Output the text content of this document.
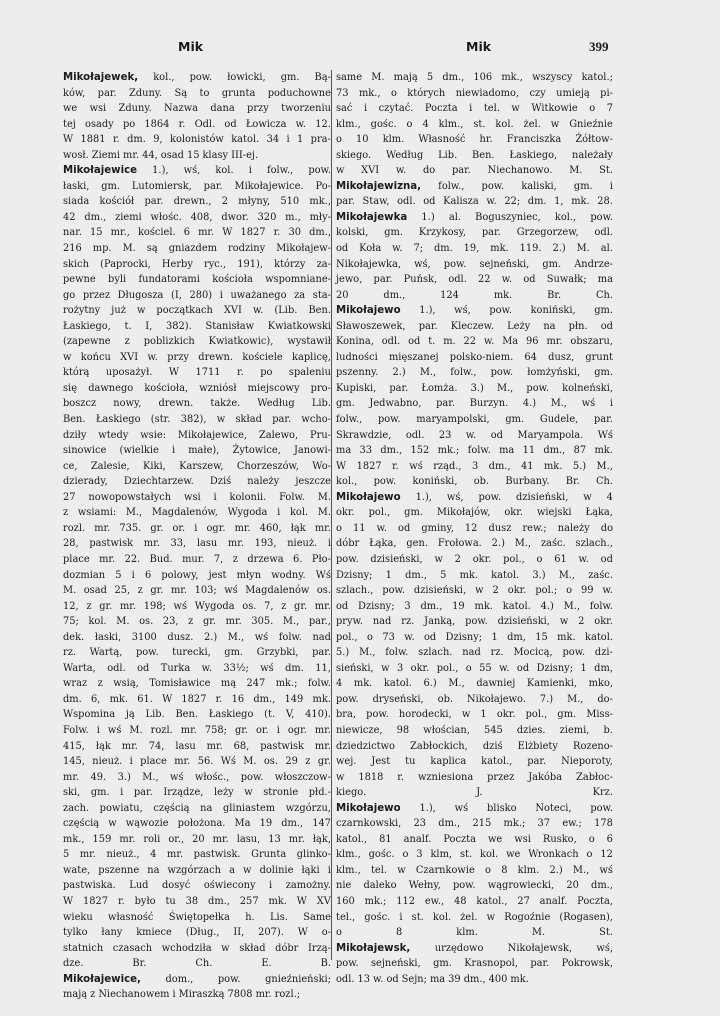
Mik	Mik	399
Mikołajewek, kol., pow. łowicki, gm. Bą-
ków, par. Zduny. Są to grunta poduchowne
we wsi Zduny. Nazwa dana przy tworzeniu
tej osady po 1864 r. Odl. od Łowicza w. 12.
W 1881 r. dm. 9, kolonistów katol. 34 i 1 pra-
wosł. Ziemi mr. 44, osad 15 klasy III-ej.
Mikołajewice 1.), wś, kol. i folw., pow.
łaski, gm. Lutomiersk, par. Mikołajewice. Po-
siada kościół par. drewn., 2 młyny, 510 mk.,
42 dm., ziemi włośc. 408, dwor. 320 m., mły-
nar. 15 mr., kościel. 6 mr. W 1827 r. 30 dm.,
216 mp. M. są gniazdem rodziny Mikołajew-
skich (Paprocki, Herby ryc., 191), którzy za-
pewne byli fundatorami kościoła wspomniane-
go przez Długosza (I, 280) i uważanego za sta-
rożytny już w początkach XVI w. (Lib. Ben.
Łaskiego, t. I, 382). Stanisław Kwiatkowski
(zapewne z poblizkich Kwiatkowic), wystawił
w końcu XVI w. przy drewn. kościele kaplicę,
którą uposażył. W 1711 r. po spaleniu
się dawnego kościoła, wzniósł miejscowy pro-
boszcz nowy, drewn. także. Według Lib.
Ben. Łaskiego (str. 382), w skład par. wcho-
dziły wtedy wsie: Mikołajewice, Zalewo, Pru-
sinowice (wielkie i małe), Żytowice, Janowi-
ce, Zalesie, Kiki, Karszew, Chorzeszów, Wo-
dzierady, Dziechtarzew. Dziś należy jeszcze
27 nowopowstałych wsi i kolonii. Folw. M.
z wsiami: M., Magdalenów, Wygoda i kol. M.
rozl. mr. 735. gr. or. i ogr. mr. 460, łąk mr.
28, pastwisk mr. 33, lasu mr. 193, nieuż. i
place mr. 22. Bud. mur. 7, z drzewa 6. Pło-
dozmian 5 i 6 polowy, jest młyn wodny. Wś
M. osad 25, z gr. mr. 103; wś Magdalenów os.
12, z gr. mr. 198; wś Wygoda os. 7, z gr. mr.
75; kol. M. os. 23, z gr. mr. 305. M., par.,
dek. łaski, 3100 dusz. 2.) M., wś folw. nad
rz. Wartą, pow. turecki, gm. Grzybki, par.
Warta, odl. od Turka w. 33½; wś dm. 11,
wraz z wsią, Tomisławice mą 247 mk.; folw.
dm. 6, mk. 61. W 1827 r. 16 dm., 149 mk.
Wspomina ją Lib. Ben. Łaskiego (t. V, 410).
Folw. i wś M. rozl. mr. 758; gr. or. i ogr. mr.
415, łąk mr. 74, lasu mr. 68, pastwisk mr.
145, nieuż. i place mr. 56. Wś M. os. 29 z gr.
mr. 49. 3.) M., wś włośc., pow. włoszczow-
ski, gm. i par. Irządze, leży w stronie płd.-
zach. powiatu, częścią na gliniastem wzgórzu,
częścią w wąwozie położona. Ma 19 dm., 147
mk., 159 mr. roli or., 20 mr. lasu, 13 mr. łąk,
5 mr. nieuż., 4 mr. pastwisk. Grunta glinko-
wate, pszenne na wzgórzach a w dolinie łąki i
pastwiska. Lud dosyć oświecony i zamożny.
W 1827 r. było tu 38 dm., 257 mk. W XV
wieku własność Świętopełka h. Lis. Same
tylko łany kmiece (Dług., II, 207). W o-
statnich czasach wchodziła w skład dóbr Irzą-
dze.	Br.	Ch.	E.	B.
Mikołajewice, dom., pow. gnieźnieński;
mają z Niechanowem i Miraszką 7808 mr. rozl.;
same M. mają 5 dm., 106 mk., wszyscy katol.;
73 mk., o których niewiadomo, czy umieją pi-
sać i czytać. Poczta i tel. w Witkowie o 7
klm., gośc. o 4 klm., st. kol. żel. w Gnieźnie
o 10 klm. Własność hr. Franciszka Żółtow-
skiego. Według Lib. Ben. Łaskiego, należały
w XVI w. do par. Niechanowo. M. St.
Mikołajewizna, folw., pow. kaliski, gm. i
par. Staw, odl. od Kalisza w. 22; dm. 1, mk. 28.
Mikołajewka 1.) al. Boguszyniec, kol., pow.
kolski, gm. Krzykosy, par. Grzegorzew, odl.
od Koła w. 7; dm. 19, mk. 119. 2.) M. al.
Nikołajewka, wś, pow. sejneński, gm. Andrze-
jewo, par. Puńsk, odl. 22 w. od Suwałk; ma
20	dm.,	124	mk.	Br.	Ch.
Mikołajewo 1.), wś, pow. koniński, gm.
Sławoszewek, par. Kleczew. Leży na płn. od
Konina, odl. od t. m. 22 w. Ma 96 mr. obszaru,
ludności mięszanej polsko-niem. 64 dusz, grunt
pszenny. 2.) M., folw., pow. łomżyński, gm.
Kupiski, par. Łomża. 3.) M., pow. kolneński,
gm. Jedwabno, par. Burzyn. 4.) M., wś i
folw., pow. maryampolski, gm. Gudele, par.
Skrawdzie, odl. 23 w. od Maryampola. Wś
ma 33 dm., 152 mk.; folw. ma 11 dm., 87 mk.
W 1827 r. wś rząd., 3 dm., 41 mk. 5.) M.,
kol., pow. koniński, ob. Burbany. Br. Ch.
Mikołajewo 1.), wś, pow. dzisieński, w 4
okr. pol., gm. Mikołajów, okr. wiejski Łąka,
o 11 w. od gminy, 12 dusz rew.; należy do
dóbr Łąka, gen. Frołowa. 2.) M., zaśc. szlach.,
pow. dzisieński, w 2 okr. pol., o 61 w. od
Dzisny; 1 dm., 5 mk. katol. 3.) M., zaśc.
szlach., pow. dzisieński, w 2 okr. pol.; o 99 w.
od Dzisny; 3 dm., 19 mk. katol. 4.) M., folw.
pryw. nad rz. Janką, pow. dzisieński, w 2 okr.
pol., o 73 w. od Dzisny; 1 dm, 15 mk. katol.
5.) M., folw. szlach. nad rz. Mocicą, pow. dzi-
sieński, w 3 okr. pol., o 55 w. od Dzisny; 1 dm,
4 mk. katol. 6.) M., dawniej Kamienki, mko,
pow. dryseński, ob. Nikołajewo. 7.) M., do-
bra, pow. horodecki, w 1 okr. pol., gm. Miss-
niewicze, 98 włościan, 545 dzies. ziemi, b.
dziedzictwo Zabłockich, dziś Elżbiety Rozeno-
wej. Jest tu kaplica katol., par. Nieporoty,
w 1818 r. wzniesiona przez Jakóba Zabłoc-
kiego.	J.	Krz.
Mikołajewo 1.), wś blisko Noteci, pow.
czarnkowski, 23 dm., 215 mk.; 37 ew.; 178
katol., 81 analf. Poczta we wsi Rusko, o 6
klm., gośc. o 3 klm, st. kol. we Wronkach o 12
klm., tel. w Czarnkowie o 8 klm. 2.) M., wś
nie daleko Wełny, pow. wągrowiecki, 20 dm.,
160 mk.; 112 ew., 48 katol., 27 analf. Poczta,
tel., gośc. i st. kol. żel. w Rogoźnie (Rogasen),
o	8	klm.	M.	St.
Mikołajewsk, urzędowo Nikołajewsk, wś,
pow. sejneński, gm. Krasnopol, par. Pokrowsk,
odl. 13 w. od Sejn; ma 39 dm., 400 mk.
